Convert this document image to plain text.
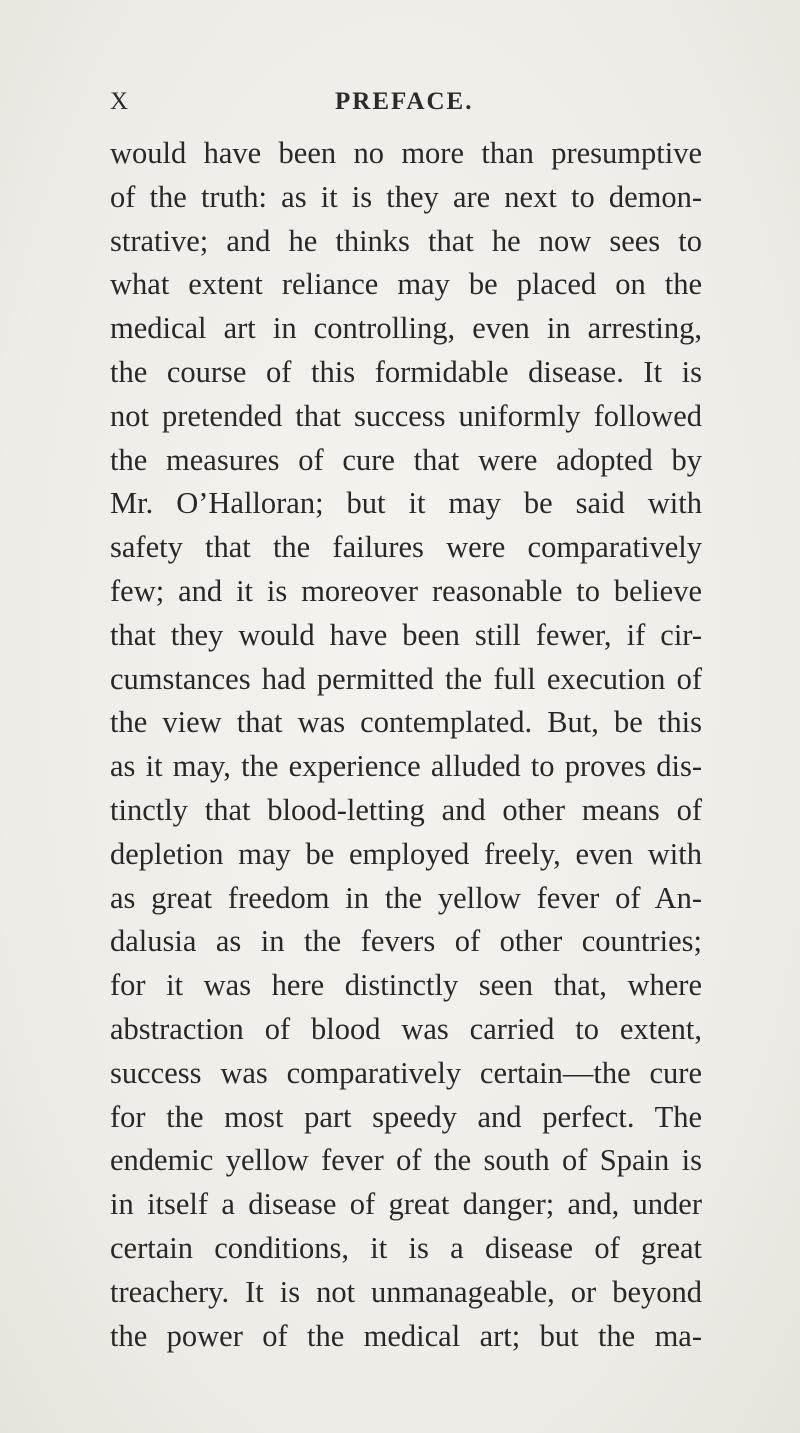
X	PREFACE.
would have been no more than presumptive
of the truth: as it is they are next to demon-
strative; and he thinks that he now sees to
what extent reliance may be placed on the
medical art in controlling, even in arresting,
the course of this formidable disease. It is
not pretended that success uniformly followed
the measures of cure that were adopted by
Mr. O’Halloran; but it may be said with
safety that the failures were comparatively
few; and it is moreover reasonable to believe
that they would have been still fewer, if cir-
cumstances had permitted the full execution of
the view that was contemplated. But, be this
as it may, the experience alluded to proves dis-
tinctly that blood-letting and other means of
depletion may be employed freely, even with
as great freedom in the yellow fever of An-
dalusia as in the fevers of other countries;
for it was here distinctly seen that, where
abstraction of blood was carried to extent,
success was comparatively certain—the cure
for the most part speedy and perfect. The
endemic yellow fever of the south of Spain is
in itself a disease of great danger; and, under
certain conditions, it is a disease of great
treachery. It is not unmanageable, or beyond
the power of the medical art; but the ma-
